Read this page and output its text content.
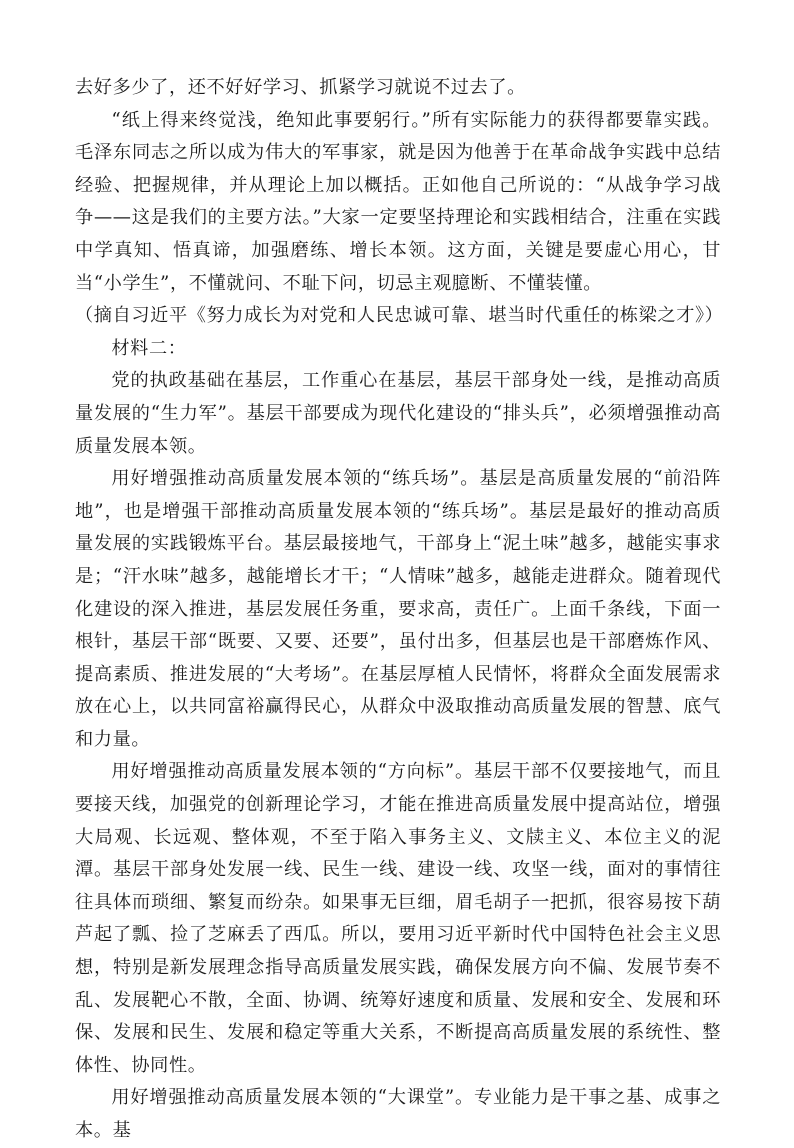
去好多少了，还不好好学习、抓紧学习就说不过去了。

“纸上得来终觉浅，绝知此事要躬行。”所有实际能力的获得都要靠实践。毛泽东同志之所以成为伟大的军事家，就是因为他善于在革命战争实践中总结经验、把握规律，并从理论上加以概括。正如他自己所说的：“从战争学习战争——这是我们的主要方法。”大家一定要坚持理论和实践相结合，注重在实践中学真知、悟真谛，加强磨练、增长本领。这方面，关键是要虚心用心，甘当“小学生”，不懂就问、不耻下问，切忌主观臆断、不懂装懂。

（摘自习近平《努力成长为对党和人民忠诚可靠、堪当时代重任的栋梁之才》）

材料二：

党的执政基础在基层，工作重心在基层，基层干部身处一线，是推动高质量发展的“生力军”。基层干部要成为现代化建设的“排头兵”，必须增强推动高质量发展本领。

用好增强推动高质量发展本领的“练兵场”。基层是高质量发展的“前沿阵地”，也是增强干部推动高质量发展本领的“练兵场”。基层是最好的推动高质量发展的实践锻炼平台。基层最接地气，干部身上“泥土味”越多，越能实事求是；“汗水味”越多，越能增长才干；“人情味”越多，越能走进群众。随着现代化建设的深入推进，基层发展任务重，要求高，责任广。上面千条线，下面一根针，基层干部“既要、又要、还要”，虽付出多，但基层也是干部磨炼作风、提高素质、推进发展的“大考场”。在基层厚植人民情怀，将群众全面发展需求放在心上，以共同富裕赢得民心，从群众中汲取推动高质量发展的智慧、底气和力量。

用好增强推动高质量发展本领的“方向标”。基层干部不仅要接地气，而且要接天线，加强党的创新理论学习，才能在推进高质量发展中提高站位，增强大局观、长远观、整体观，不至于陷入事务主义、文牍主义、本位主义的泥潭。基层干部身处发展一线、民生一线、建设一线、攻坚一线，面对的事情往往具体而琐细、繁复而纷杂。如果事无巨细，眉毛胡子一把抓，很容易按下葫芦起了瓢、捡了芝麻丢了西瓜。所以，要用习近平新时代中国特色社会主义思想，特别是新发展理念指导高质量发展实践，确保发展方向不偏、发展节奏不乱、发展靶心不散，全面、协调、统筹好速度和质量、发展和安全、发展和环保、发展和民生、发展和稳定等重大关系，不断提高高质量发展的系统性、整体性、协同性。

用好增强推动高质量发展本领的“大课堂”。专业能力是干事之基、成事之本。基
